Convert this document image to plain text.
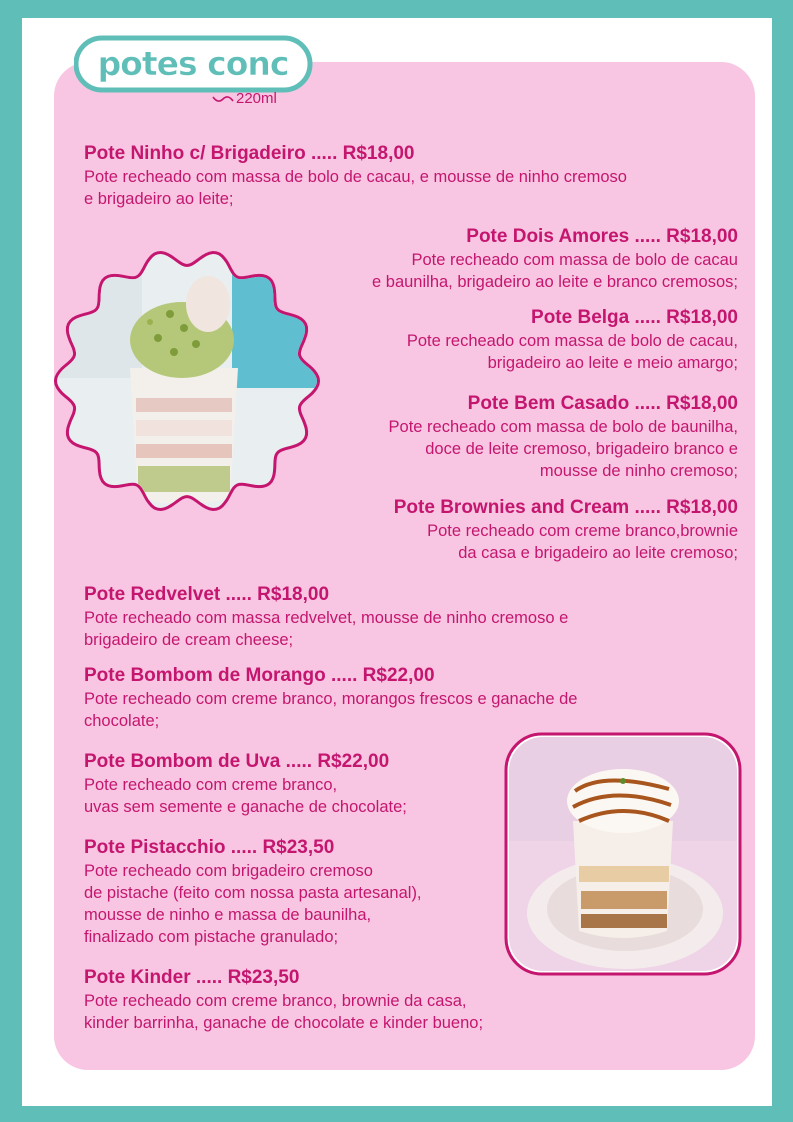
potes conc
220ml
Pote Ninho c/ Brigadeiro ..... R$18,00
Pote recheado com massa de bolo de cacau, e mousse de ninho cremoso
e brigadeiro ao leite;
Pote Dois Amores ..... R$18,00
Pote recheado com massa de bolo de cacau
e baunilha, brigadeiro ao leite e branco cremosos;
Pote Belga ..... R$18,00
Pote recheado com massa de bolo de cacau,
brigadeiro ao leite e meio amargo;
Pote Bem Casado ..... R$18,00
Pote recheado com massa de bolo de baunilha,
doce de leite cremoso, brigadeiro branco e
mousse de ninho cremoso;
Pote Brownies and Cream ..... R$18,00
Pote recheado com creme branco,brownie
da casa e brigadeiro ao leite cremoso;
Pote Redvelvet ..... R$18,00
Pote recheado com massa redvelvet, mousse de ninho cremoso e
brigadeiro de cream cheese;
Pote Bombom de Morango ..... R$22,00
Pote recheado com creme branco, morangos frescos e ganache de
chocolate;
Pote Bombom de Uva ..... R$22,00
Pote recheado com creme branco,
uvas sem semente e ganache de chocolate;
Pote Pistacchio ..... R$23,50
Pote recheado com brigadeiro cremoso
de pistache (feito com nossa pasta artesanal),
mousse de ninho e massa de baunilha,
finalizado com pistache granulado;
Pote Kinder ..... R$23,50
Pote recheado com creme branco, brownie da casa,
kinder barrinha, ganache de chocolate e kinder bueno;
